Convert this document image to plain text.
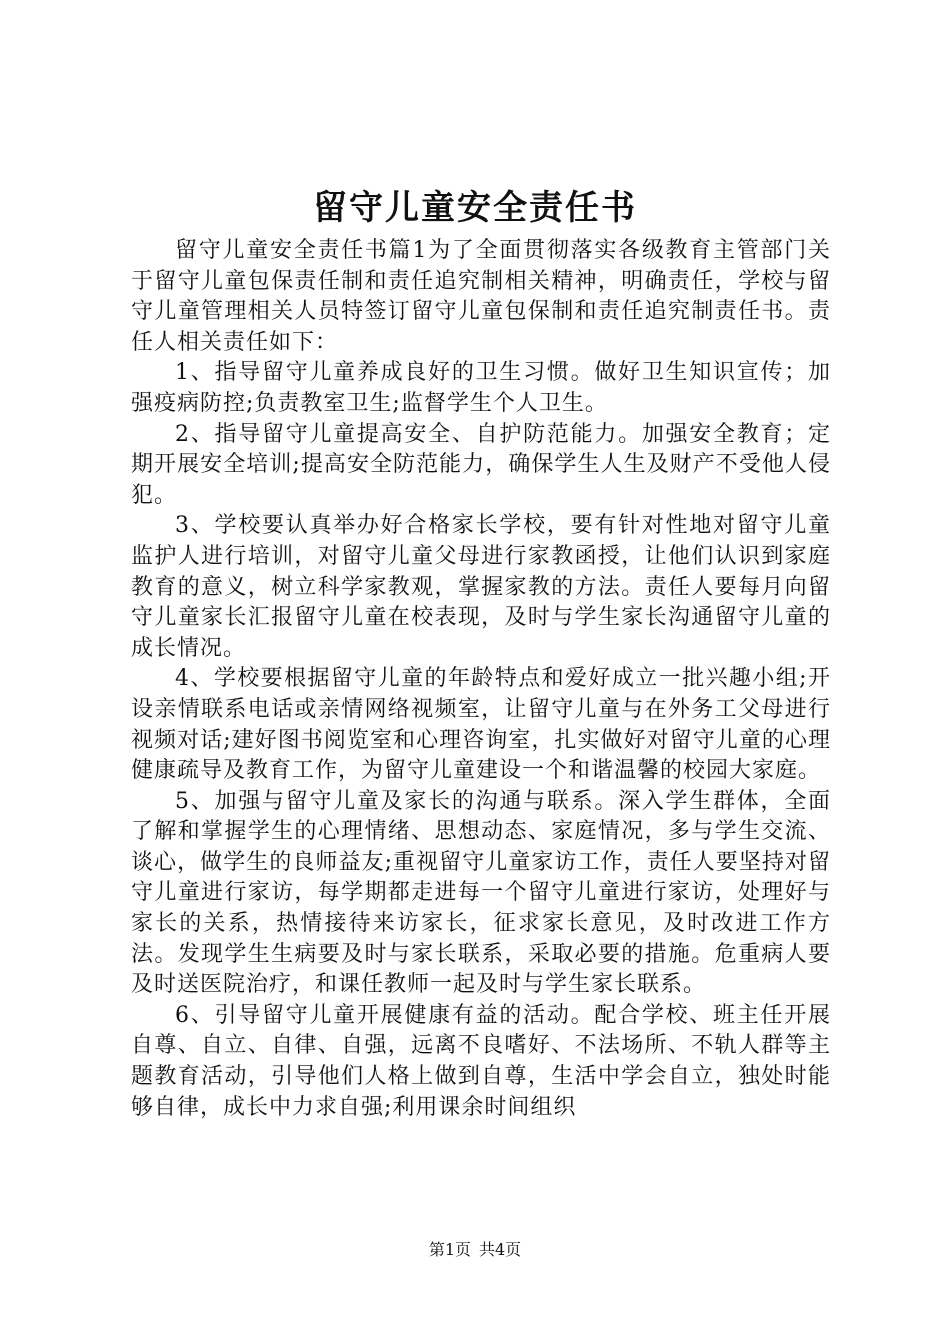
留守儿童安全责任书

留守儿童安全责任书篇1为了全面贯彻落实各级教育主管部门关于留守儿童包保责任制和责任追究制相关精神，明确责任，学校与留守儿童管理相关人员特签订留守儿童包保制和责任追究制责任书。责任人相关责任如下：

1、指导留守儿童养成良好的卫生习惯。做好卫生知识宣传；加强疫病防控;负责教室卫生;监督学生个人卫生。

2、指导留守儿童提高安全、自护防范能力。加强安全教育；定期开展安全培训;提高安全防范能力，确保学生人生及财产不受他人侵犯。

3、学校要认真举办好合格家长学校，要有针对性地对留守儿童监护人进行培训，对留守儿童父母进行家教函授，让他们认识到家庭教育的意义，树立科学家教观，掌握家教的方法。责任人要每月向留守儿童家长汇报留守儿童在校表现，及时与学生家长沟通留守儿童的成长情况。

4、学校要根据留守儿童的年龄特点和爱好成立一批兴趣小组;开设亲情联系电话或亲情网络视频室，让留守儿童与在外务工父母进行视频对话;建好图书阅览室和心理咨询室，扎实做好对留守儿童的心理健康疏导及教育工作，为留守儿童建设一个和谐温馨的校园大家庭。

5、加强与留守儿童及家长的沟通与联系。深入学生群体，全面了解和掌握学生的心理情绪、思想动态、家庭情况，多与学生交流、谈心，做学生的良师益友;重视留守儿童家访工作，责任人要坚持对留守儿童进行家访，每学期都走进每一个留守儿童进行家访，处理好与家长的关系，热情接待来访家长，征求家长意见，及时改进工作方法。发现学生生病要及时与家长联系，采取必要的措施。危重病人要及时送医院治疗，和课任教师一起及时与学生家长联系。

6、引导留守儿童开展健康有益的活动。配合学校、班主任开展自尊、自立、自律、自强，远离不良嗜好、不法场所、不轨人群等主题教育活动，引导他们人格上做到自尊，生活中学会自立，独处时能够自律，成长中力求自强;利用课余时间组织

第1页 共4页
